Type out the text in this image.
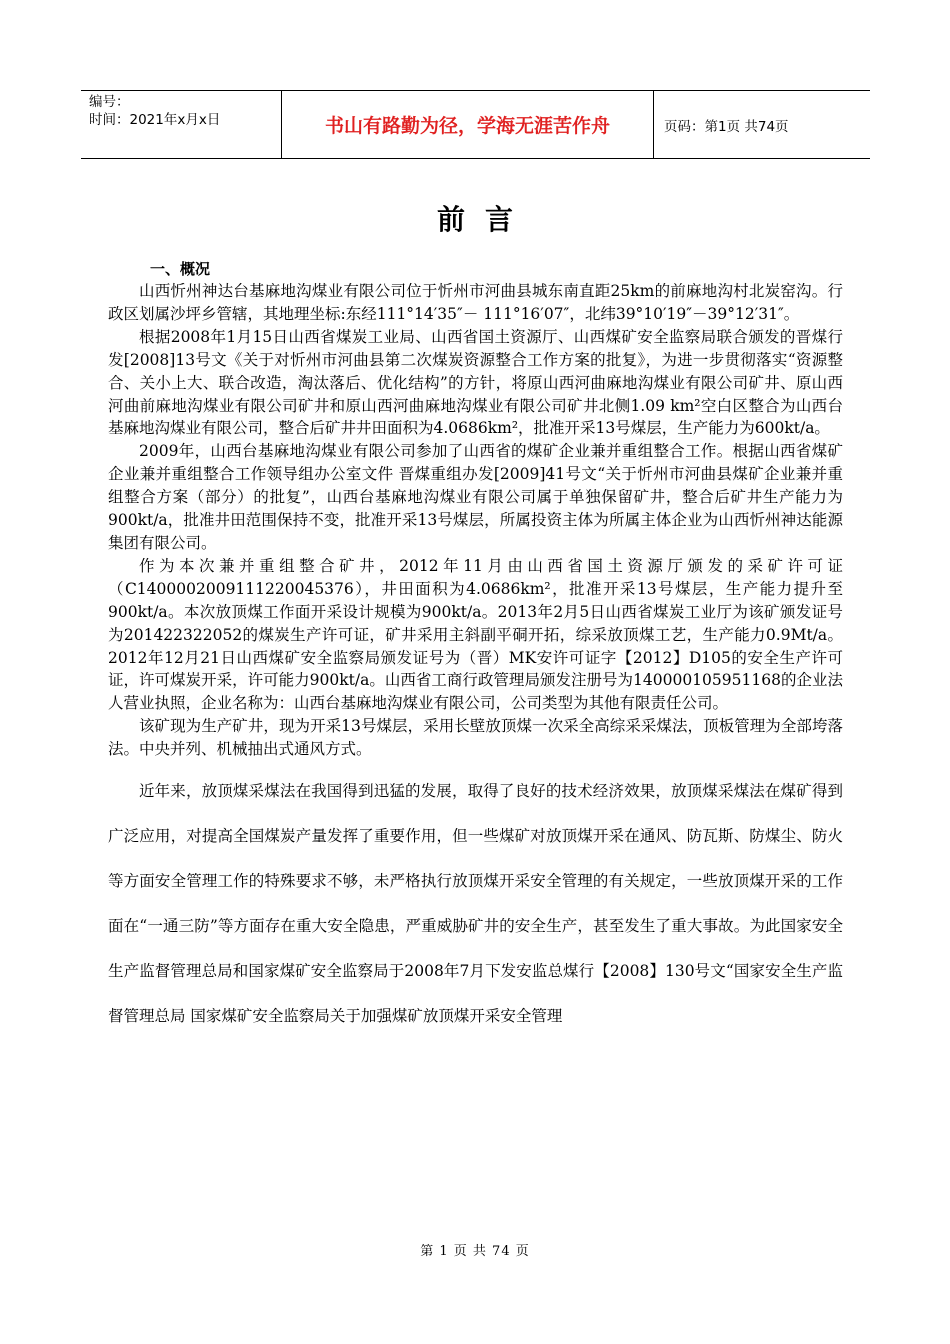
编号：
时间：2021年x月x日	书山有路勤为径，学海无涯苦作舟	页码：第1页 共74页
前言
一、概况

山西忻州神达台基麻地沟煤业有限公司位于忻州市河曲县城东南直距25km的前麻地沟村北炭窑沟。行政区划属沙坪乡管辖，其地理坐标:东经111°14′35″－ 111°16′07″，北纬39°10′19″－39°12′31″。

根据2008年1月15日山西省煤炭工业局、山西省国土资源厅、山西煤矿安全监察局联合颁发的晋煤行发[2008]13号文《关于对忻州市河曲县第二次煤炭资源整合工作方案的批复》，为进一步贯彻落实“资源整合、关小上大、联合改造，淘汰落后、优化结构”的方针，将原山西河曲麻地沟煤业有限公司矿井、原山西河曲前麻地沟煤业有限公司矿井和原山西河曲麻地沟煤业有限公司矿井北侧1.09 km²空白区整合为山西台基麻地沟煤业有限公司，整合后矿井井田面积为4.0686km²，批准开采13号煤层，生产能力为600kt/a。

2009年，山西台基麻地沟煤业有限公司参加了山西省的煤矿企业兼并重组整合工作。根据山西省煤矿企业兼并重组整合工作领导组办公室文件 晋煤重组办发[2009]41号文“关于忻州市河曲县煤矿企业兼并重组整合方案（部分）的批复”，山西台基麻地沟煤业有限公司属于单独保留矿井，整合后矿井生产能力为900kt/a，批准井田范围保持不变，批准开采13号煤层，所属投资主体为所属主体企业为山西忻州神达能源集团有限公司。

作为本次兼并重组整合矿井，2012年11月由山西省国土资源厅颁发的采矿许可证（C1400002009111220045376），井田面积为4.0686km²，批准开采13号煤层，生产能力提升至900kt/a。本次放顶煤工作面开采设计规模为900kt/a。2013年2月5日山西省煤炭工业厅为该矿颁发证号为201422322052的煤炭生产许可证，矿井采用主斜副平硐开拓，综采放顶煤工艺，生产能力0.9Mt/a。2012年12月21日山西煤矿安全监察局颁发证号为（晋）MK安许可证字【2012】D105的安全生产许可证，许可煤炭开采，许可能力900kt/a。山西省工商行政管理局颁发注册号为140000105951168的企业法人营业执照，企业名称为：山西台基麻地沟煤业有限公司，公司类型为其他有限责任公司。

该矿现为生产矿井，现为开采13号煤层，采用长壁放顶煤一次采全高综采采煤法，顶板管理为全部垮落法。中央并列、机械抽出式通风方式。

近年来，放顶煤采煤法在我国得到迅猛的发展，取得了良好的技术经济效果，放顶煤采煤法在煤矿得到广泛应用，对提高全国煤炭产量发挥了重要作用，但一些煤矿对放顶煤开采在通风、防瓦斯、防煤尘、防火等方面安全管理工作的特殊要求不够，未严格执行放顶煤开采安全管理的有关规定，一些放顶煤开采的工作面在“一通三防”等方面存在重大安全隐患，严重威胁矿井的安全生产，甚至发生了重大事故。为此国家安全生产监督管理总局和国家煤矿安全监察局于2008年7月下发安监总煤行【2008】130号文“国家安全生产监督管理总局 国家煤矿安全监察局关于加强煤矿放顶煤开采安全管理

第 1 页 共 74 页
